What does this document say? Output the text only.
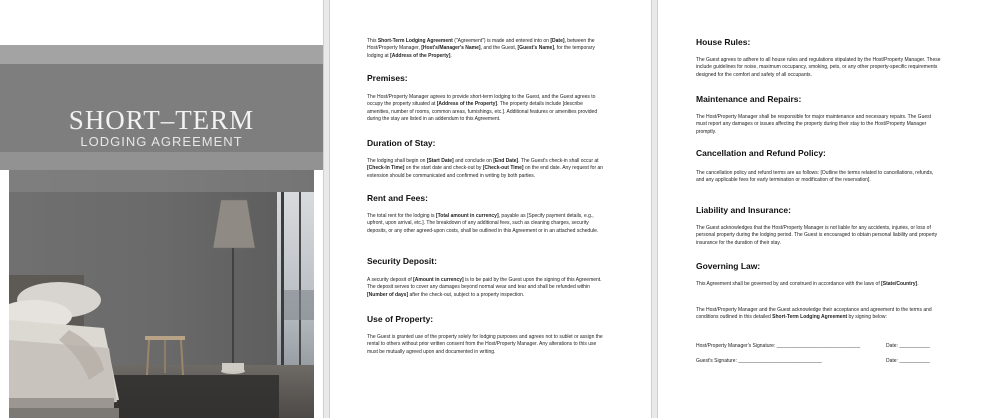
SHORT–TERM
LODGING AGREEMENT

This Short-Term Lodging Agreement ("Agreement") is made and entered into on [Date], between the Host/Property Manager, [Host's/Manager's Name], and the Guest, [Guest's Name], for the temporary lodging at [Address of the Property].

Premises:

The Host/Property Manager agrees to provide short-term lodging to the Guest, and the Guest agrees to occupy the property situated at [Address of the Property]. The property details include [describe amenities, number of rooms, common areas, furnishings, etc.]. Additional features or amenities provided during the stay are listed in an addendum to this Agreement.

Duration of Stay:

The lodging shall begin on [Start Date] and conclude on [End Date]. The Guest's check-in shall occur at [Check-In Time] on the start date and check-out by [Check-out Time] on the end date. Any request for an extension should be communicated and confirmed in writing by both parties.

Rent and Fees:

The total rent for the lodging is [Total amount in currency], payable as [Specify payment details, e.g., upfront, upon arrival, etc.]. The breakdown of any additional fees, such as cleaning charges, security deposits, or any other agreed-upon costs, shall be outlined in this Agreement or in an attached schedule.

Security Deposit:

A security deposit of [Amount in currency] is to be paid by the Guest upon the signing of this Agreement. The deposit serves to cover any damages beyond normal wear and tear and shall be refunded within [Number of days] after the check-out, subject to a property inspection.

Use of Property:

The Guest is granted use of the property solely for lodging purposes and agrees not to sublet or assign the rental to others without prior written consent from the Host/Property Manager. Any alterations to this use must be mutually agreed upon and documented in writing.

House Rules:

The Guest agrees to adhere to all house rules and regulations stipulated by the Host/Property Manager. These include guidelines for noise, maximum occupancy, smoking, pets, or any other property-specific requirements designed for the comfort and safety of all occupants.

Maintenance and Repairs:

The Host/Property Manager shall be responsible for major maintenance and necessary repairs. The Guest must report any damages or issues affecting the property during their stay to the Host/Property Manager promptly.

Cancellation and Refund Policy:

The cancellation policy and refund terms are as follows: [Outline the terms related to cancellations, refunds, and any applicable fees for early termination or modification of the reservation].

Liability and Insurance:

The Guest acknowledges that the Host/Property Manager is not liable for any accidents, injuries, or loss of personal property during the lodging period. The Guest is encouraged to obtain personal liability and property insurance for the duration of their stay.

Governing Law:

This Agreement shall be governed by and construed in accordance with the laws of [State/Country].

The Host/Property Manager and the Guest acknowledge their acceptance and agreement to the terms and conditions outlined in this detailed Short-Term Lodging Agreement by signing below:

Host/Property Manager's Signature: ______________________________	Date: ___________
Guest's Signature: ______________________________	Date: ___________
